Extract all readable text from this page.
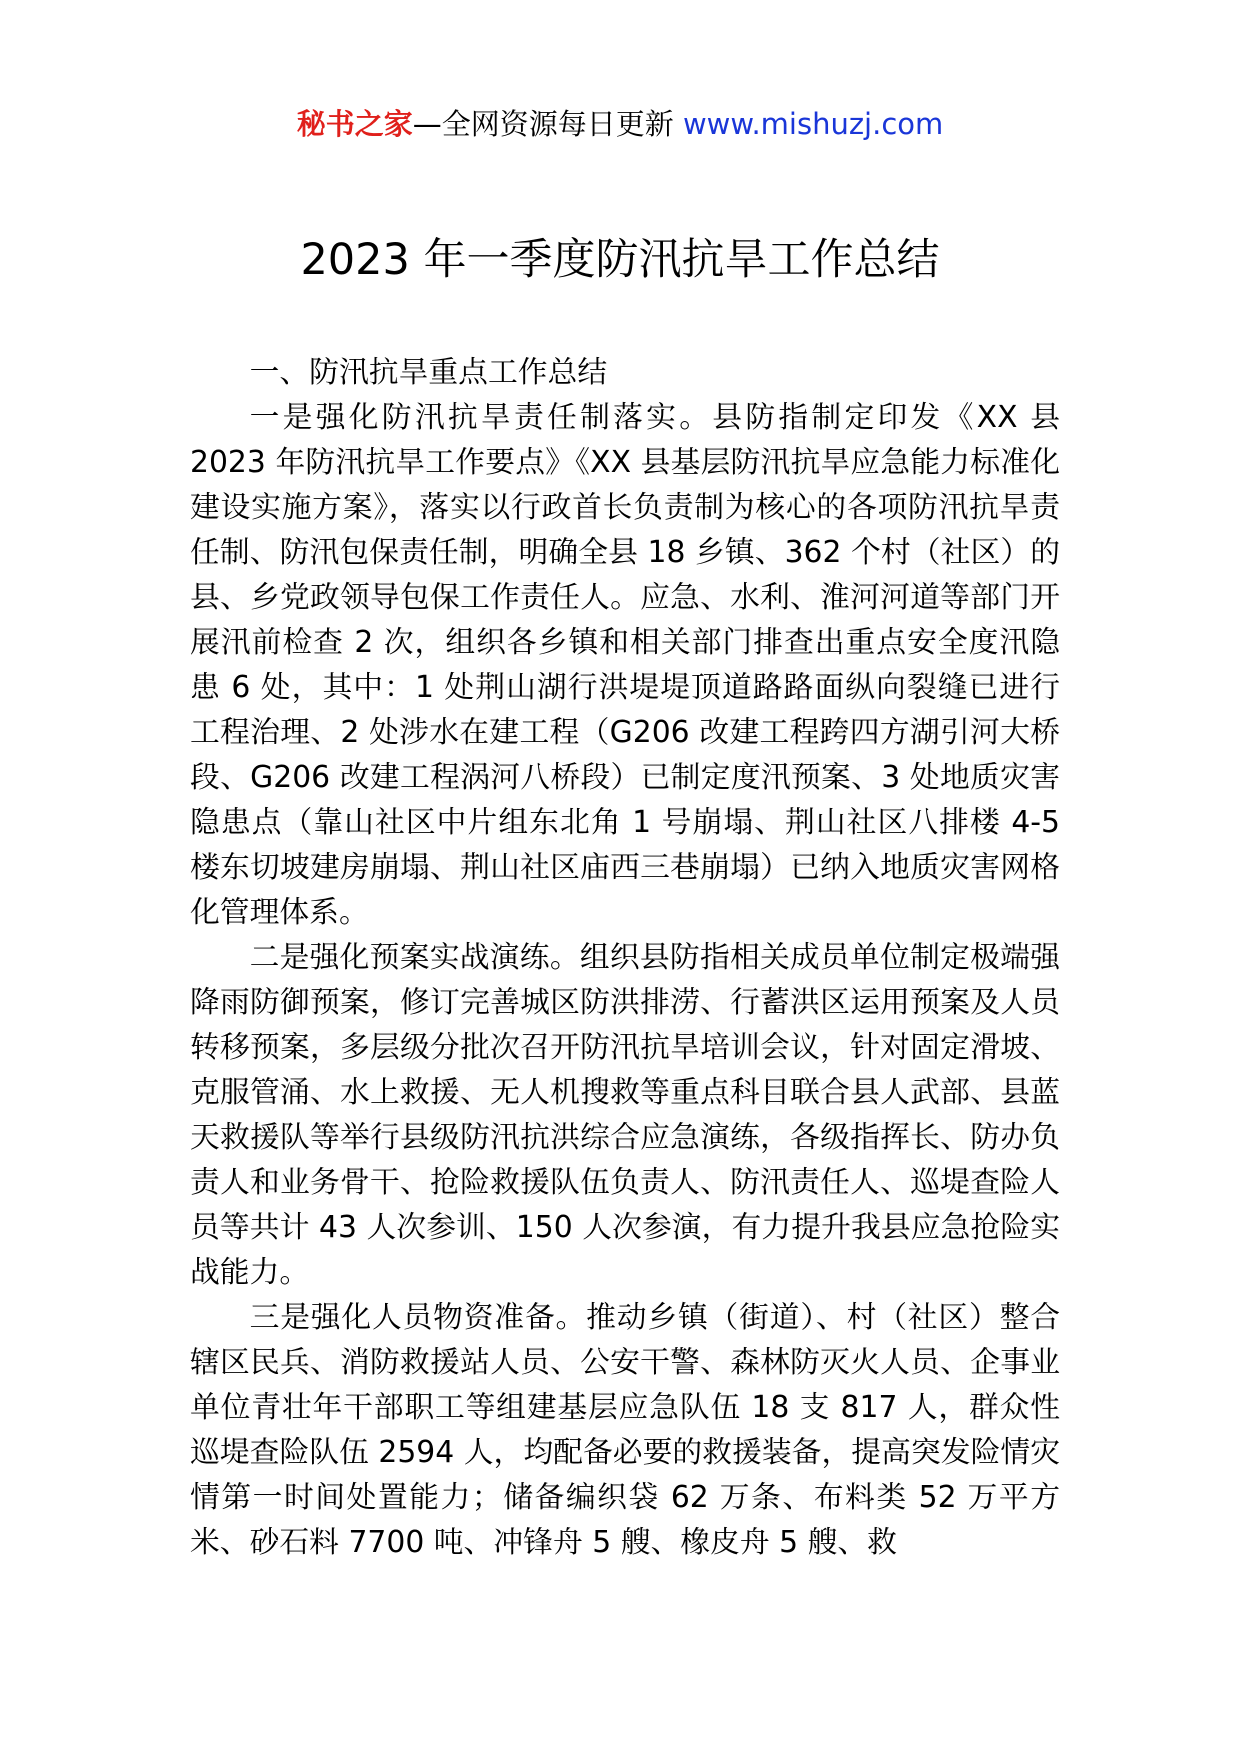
秘书之家—全网资源每日更新 www.mishuzj.com
2023 年一季度防汛抗旱工作总结

一、防汛抗旱重点工作总结

一是强化防汛抗旱责任制落实。县防指制定印发《XX 县 2023 年防汛抗旱工作要点》《XX 县基层防汛抗旱应急能力标准化建设实施方案》，落实以行政首长负责制为核心的各项防汛抗旱责任制、防汛包保责任制，明确全县 18 乡镇、362 个村（社区）的县、乡党政领导包保工作责任人。应急、水利、淮河河道等部门开展汛前检查 2 次，组织各乡镇和相关部门排查出重点安全度汛隐患 6 处，其中：1 处荆山湖行洪堤堤顶道路路面纵向裂缝已进行工程治理、2 处涉水在建工程（G206 改建工程跨四方湖引河大桥段、G206 改建工程涡河八桥段）已制定度汛预案、3 处地质灾害隐患点（靠山社区中片组东北角 1 号崩塌、荆山社区八排楼 4-5 楼东切坡建房崩塌、荆山社区庙西三巷崩塌）已纳入地质灾害网格化管理体系。

二是强化预案实战演练。组织县防指相关成员单位制定极端强降雨防御预案，修订完善城区防洪排涝、行蓄洪区运用预案及人员转移预案，多层级分批次召开防汛抗旱培训会议，针对固定滑坡、克服管涌、水上救援、无人机搜救等重点科目联合县人武部、县蓝天救援队等举行县级防汛抗洪综合应急演练，各级指挥长、防办负责人和业务骨干、抢险救援队伍负责人、防汛责任人、巡堤查险人员等共计 43 人次参训、150 人次参演，有力提升我县应急抢险实战能力。

三是强化人员物资准备。推动乡镇（街道）、村（社区）整合辖区民兵、消防救援站人员、公安干警、森林防灭火人员、企事业单位青壮年干部职工等组建基层应急队伍 18 支 817 人，群众性巡堤查险队伍 2594 人，均配备必要的救援装备，提高突发险情灾情第一时间处置能力；储备编织袋 62 万条、布料类 52 万平方米、砂石料 7700 吨、冲锋舟 5 艘、橡皮舟 5 艘、救
